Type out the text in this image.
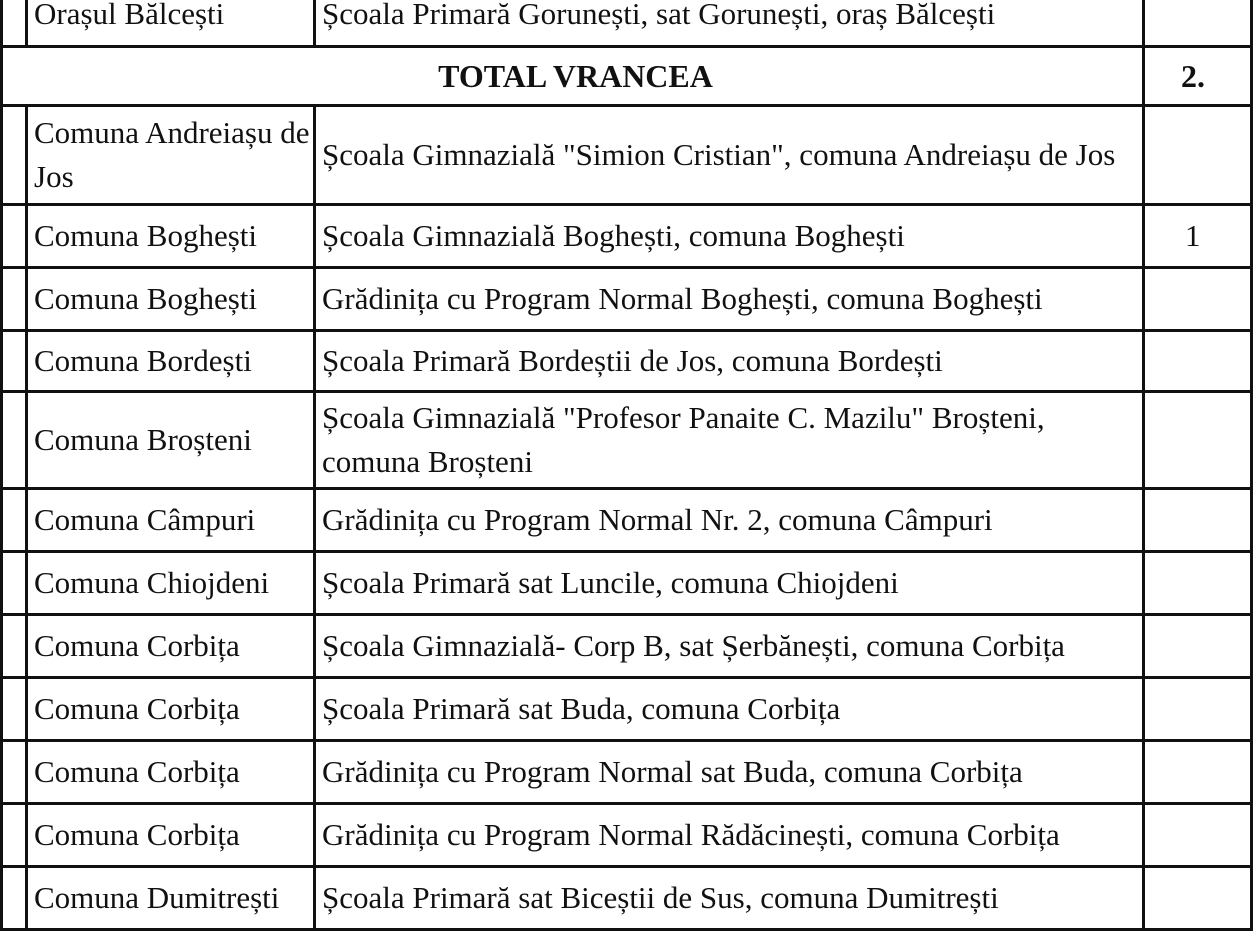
	Orașul Bălcești	Școala Primară Gorunești, sat Gorunești, oraș Bălcești	
TOTAL VRANCEA			2.
	Comuna Andreiașu de Jos	Școala Gimnazială "Simion Cristian", comuna Andreiașu de Jos	
	Comuna Boghești	Școala Gimnazială Boghești, comuna Boghești	1
	Comuna Boghești	Grădinița cu Program Normal Boghești, comuna Boghești	
	Comuna Bordești	Școala Primară Bordeștii de Jos, comuna Bordești	
	Comuna Broșteni	Școala Gimnazială "Profesor Panaite C. Mazilu" Broșteni, comuna Broșteni	
	Comuna Câmpuri	Grădinița cu Program Normal Nr. 2, comuna Câmpuri	
	Comuna Chiojdeni	Școala Primară sat Luncile, comuna Chiojdeni	
	Comuna Corbița	Școala Gimnazială- Corp B, sat Șerbănești, comuna Corbița	
	Comuna Corbița	Școala Primară sat Buda, comuna Corbița	
	Comuna Corbița	Grădinița cu Program Normal sat Buda, comuna Corbița	
	Comuna Corbița	Grădinița cu Program Normal Rădăcinești, comuna Corbița	
	Comuna Dumitrești	Școala Primară sat Biceștii de Sus, comuna Dumitrești	
